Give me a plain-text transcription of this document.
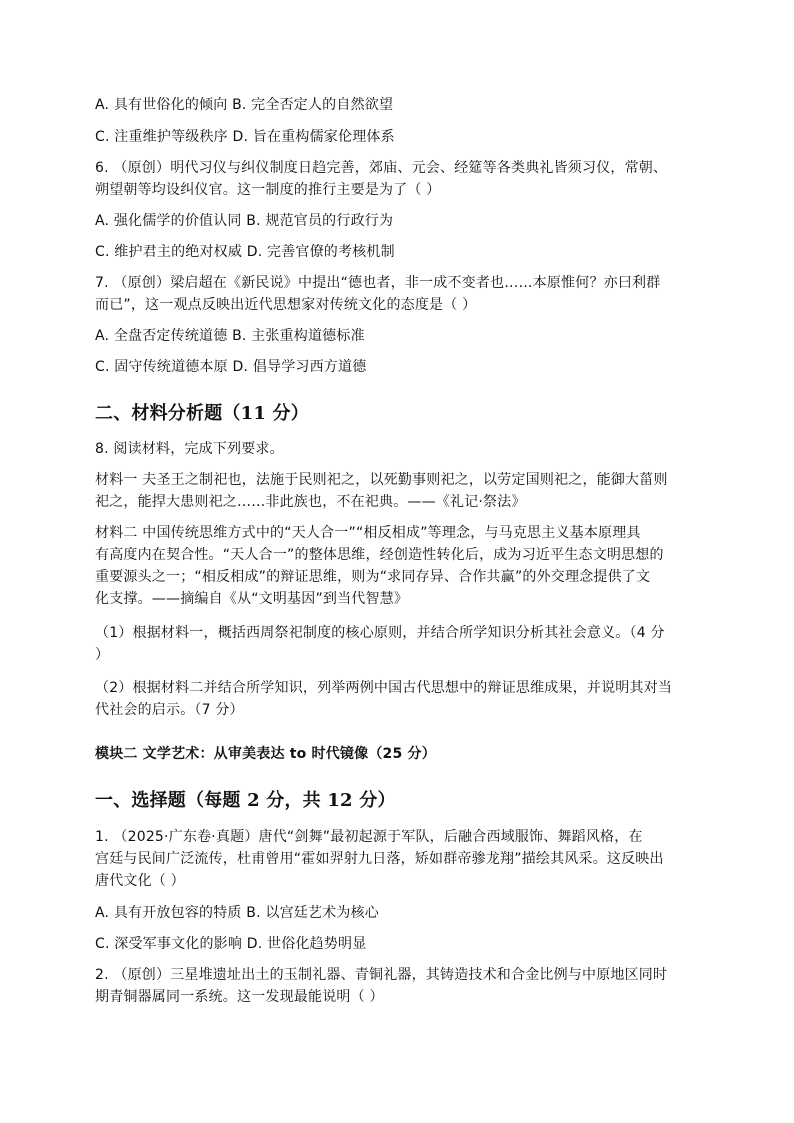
A. 具有世俗化的倾向 B. 完全否定人的自然欲望
C. 注重维护等级秩序 D. 旨在重构儒家伦理体系
6. （原创）明代习仪与纠仪制度日趋完善，郊庙、元会、经筵等各类典礼皆须习仪，常朝、
朔望朝等均设纠仪官。这一制度的推行主要是为了（ ）
A. 强化儒学的价值认同 B. 规范官员的行政行为
C. 维护君主的绝对权威 D. 完善官僚的考核机制
7. （原创）梁启超在《新民说》中提出“德也者，非一成不变者也……本原惟何？亦曰利群
而已”，这一观点反映出近代思想家对传统文化的态度是（ ）
A. 全盘否定传统道德 B. 主张重构道德标准
C. 固守传统道德本原 D. 倡导学习西方道德
二、材料分析题（11 分）
8. 阅读材料，完成下列要求。
材料一 夫圣王之制祀也，法施于民则祀之，以死勤事则祀之，以劳定国则祀之，能御大菑则
祀之，能捍大患则祀之……非此族也，不在祀典。——《礼记·祭法》
材料二 中国传统思维方式中的“天人合一”“相反相成”等理念，与马克思主义基本原理具
有高度内在契合性。“天人合一”的整体思维，经创造性转化后，成为习近平生态文明思想的
重要源头之一；“相反相成”的辩证思维，则为“求同存异、合作共赢”的外交理念提供了文
化支撑。——摘编自《从“文明基因”到当代智慧》
（1）根据材料一，概括西周祭祀制度的核心原则，并结合所学知识分析其社会意义。（4 分
）
（2）根据材料二并结合所学知识，列举两例中国古代思想中的辩证思维成果，并说明其对当
代社会的启示。（7 分）
模块二 文学艺术：从审美表达 to 时代镜像（25 分）
一、选择题（每题 2 分，共 12 分）
1. （2025·广东卷·真题）唐代“剑舞”最初起源于军队，后融合西域服饰、舞蹈风格，在
宫廷与民间广泛流传，杜甫曾用“霍如羿射九日落，矫如群帝骖龙翔”描绘其风采。这反映出
唐代文化（ ）
A. 具有开放包容的特质 B. 以宫廷艺术为核心
C. 深受军事文化的影响 D. 世俗化趋势明显
2. （原创）三星堆遗址出土的玉制礼器、青铜礼器，其铸造技术和合金比例与中原地区同时
期青铜器属同一系统。这一发现最能说明（ ）
